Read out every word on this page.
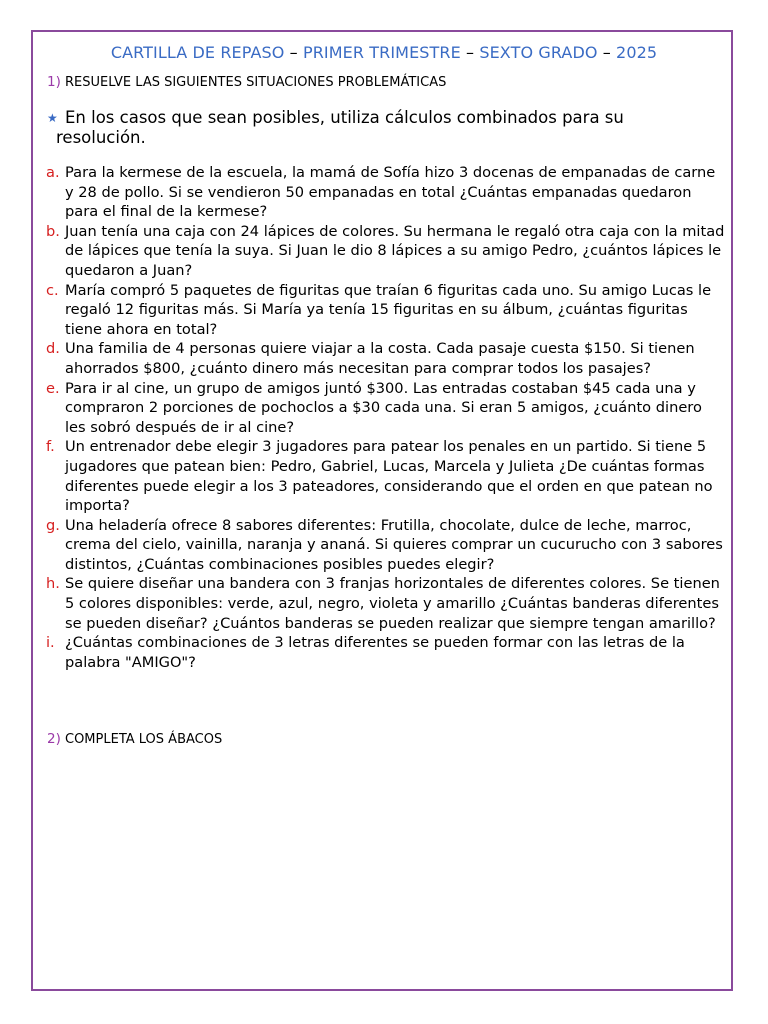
CARTILLA DE REPASO – PRIMER TRIMESTRE – SEXTO GRADO – 2025
1) RESUELVE LAS SIGUIENTES SITUACIONES PROBLEMÁTICAS
★ En los casos que sean posibles, utiliza cálculos combinados para su
resolución.
a. Para la kermese de la escuela, la mamá de Sofía hizo 3 docenas de empanadas de carne y 28 de pollo. Si se vendieron 50 empanadas en total ¿Cuántas empanadas quedaron para el final de la kermese?
b. Juan tenía una caja con 24 lápices de colores. Su hermana le regaló otra caja con la mitad de lápices que tenía la suya. Si Juan le dio 8 lápices a su amigo Pedro, ¿cuántos lápices le quedaron a Juan?
c. María compró 5 paquetes de figuritas que traían 6 figuritas cada uno. Su amigo Lucas le regaló 12 figuritas más. Si María ya tenía 15 figuritas en su álbum, ¿cuántas figuritas tiene ahora en total?
d. Una familia de 4 personas quiere viajar a la costa. Cada pasaje cuesta $150. Si tienen ahorrados $800, ¿cuánto dinero más necesitan para comprar todos los pasajes?
e. Para ir al cine, un grupo de amigos juntó $300. Las entradas costaban $45 cada una y compraron 2 porciones de pochoclos a $30 cada una. Si eran 5 amigos, ¿cuánto dinero les sobró después de ir al cine?
f. Un entrenador debe elegir 3 jugadores para patear los penales en un partido. Si tiene 5 jugadores que patean bien: Pedro, Gabriel, Lucas, Marcela y Julieta ¿De cuántas formas diferentes puede elegir a los 3 pateadores, considerando que el orden en que patean no importa?
g. Una heladería ofrece 8 sabores diferentes: Frutilla, chocolate, dulce de leche, marroc, crema del cielo, vainilla, naranja y ananá. Si quieres comprar un cucurucho con 3 sabores distintos, ¿Cuántas combinaciones posibles puedes elegir?
h. Se quiere diseñar una bandera con 3 franjas horizontales de diferentes colores. Se tienen 5 colores disponibles: verde, azul, negro, violeta y amarillo ¿Cuántas banderas diferentes se pueden diseñar? ¿Cuántos banderas se pueden realizar que siempre tengan amarillo?
i. ¿Cuántas combinaciones de 3 letras diferentes se pueden formar con las letras de la palabra "AMIGO"?
2) COMPLETA LOS ÁBACOS
